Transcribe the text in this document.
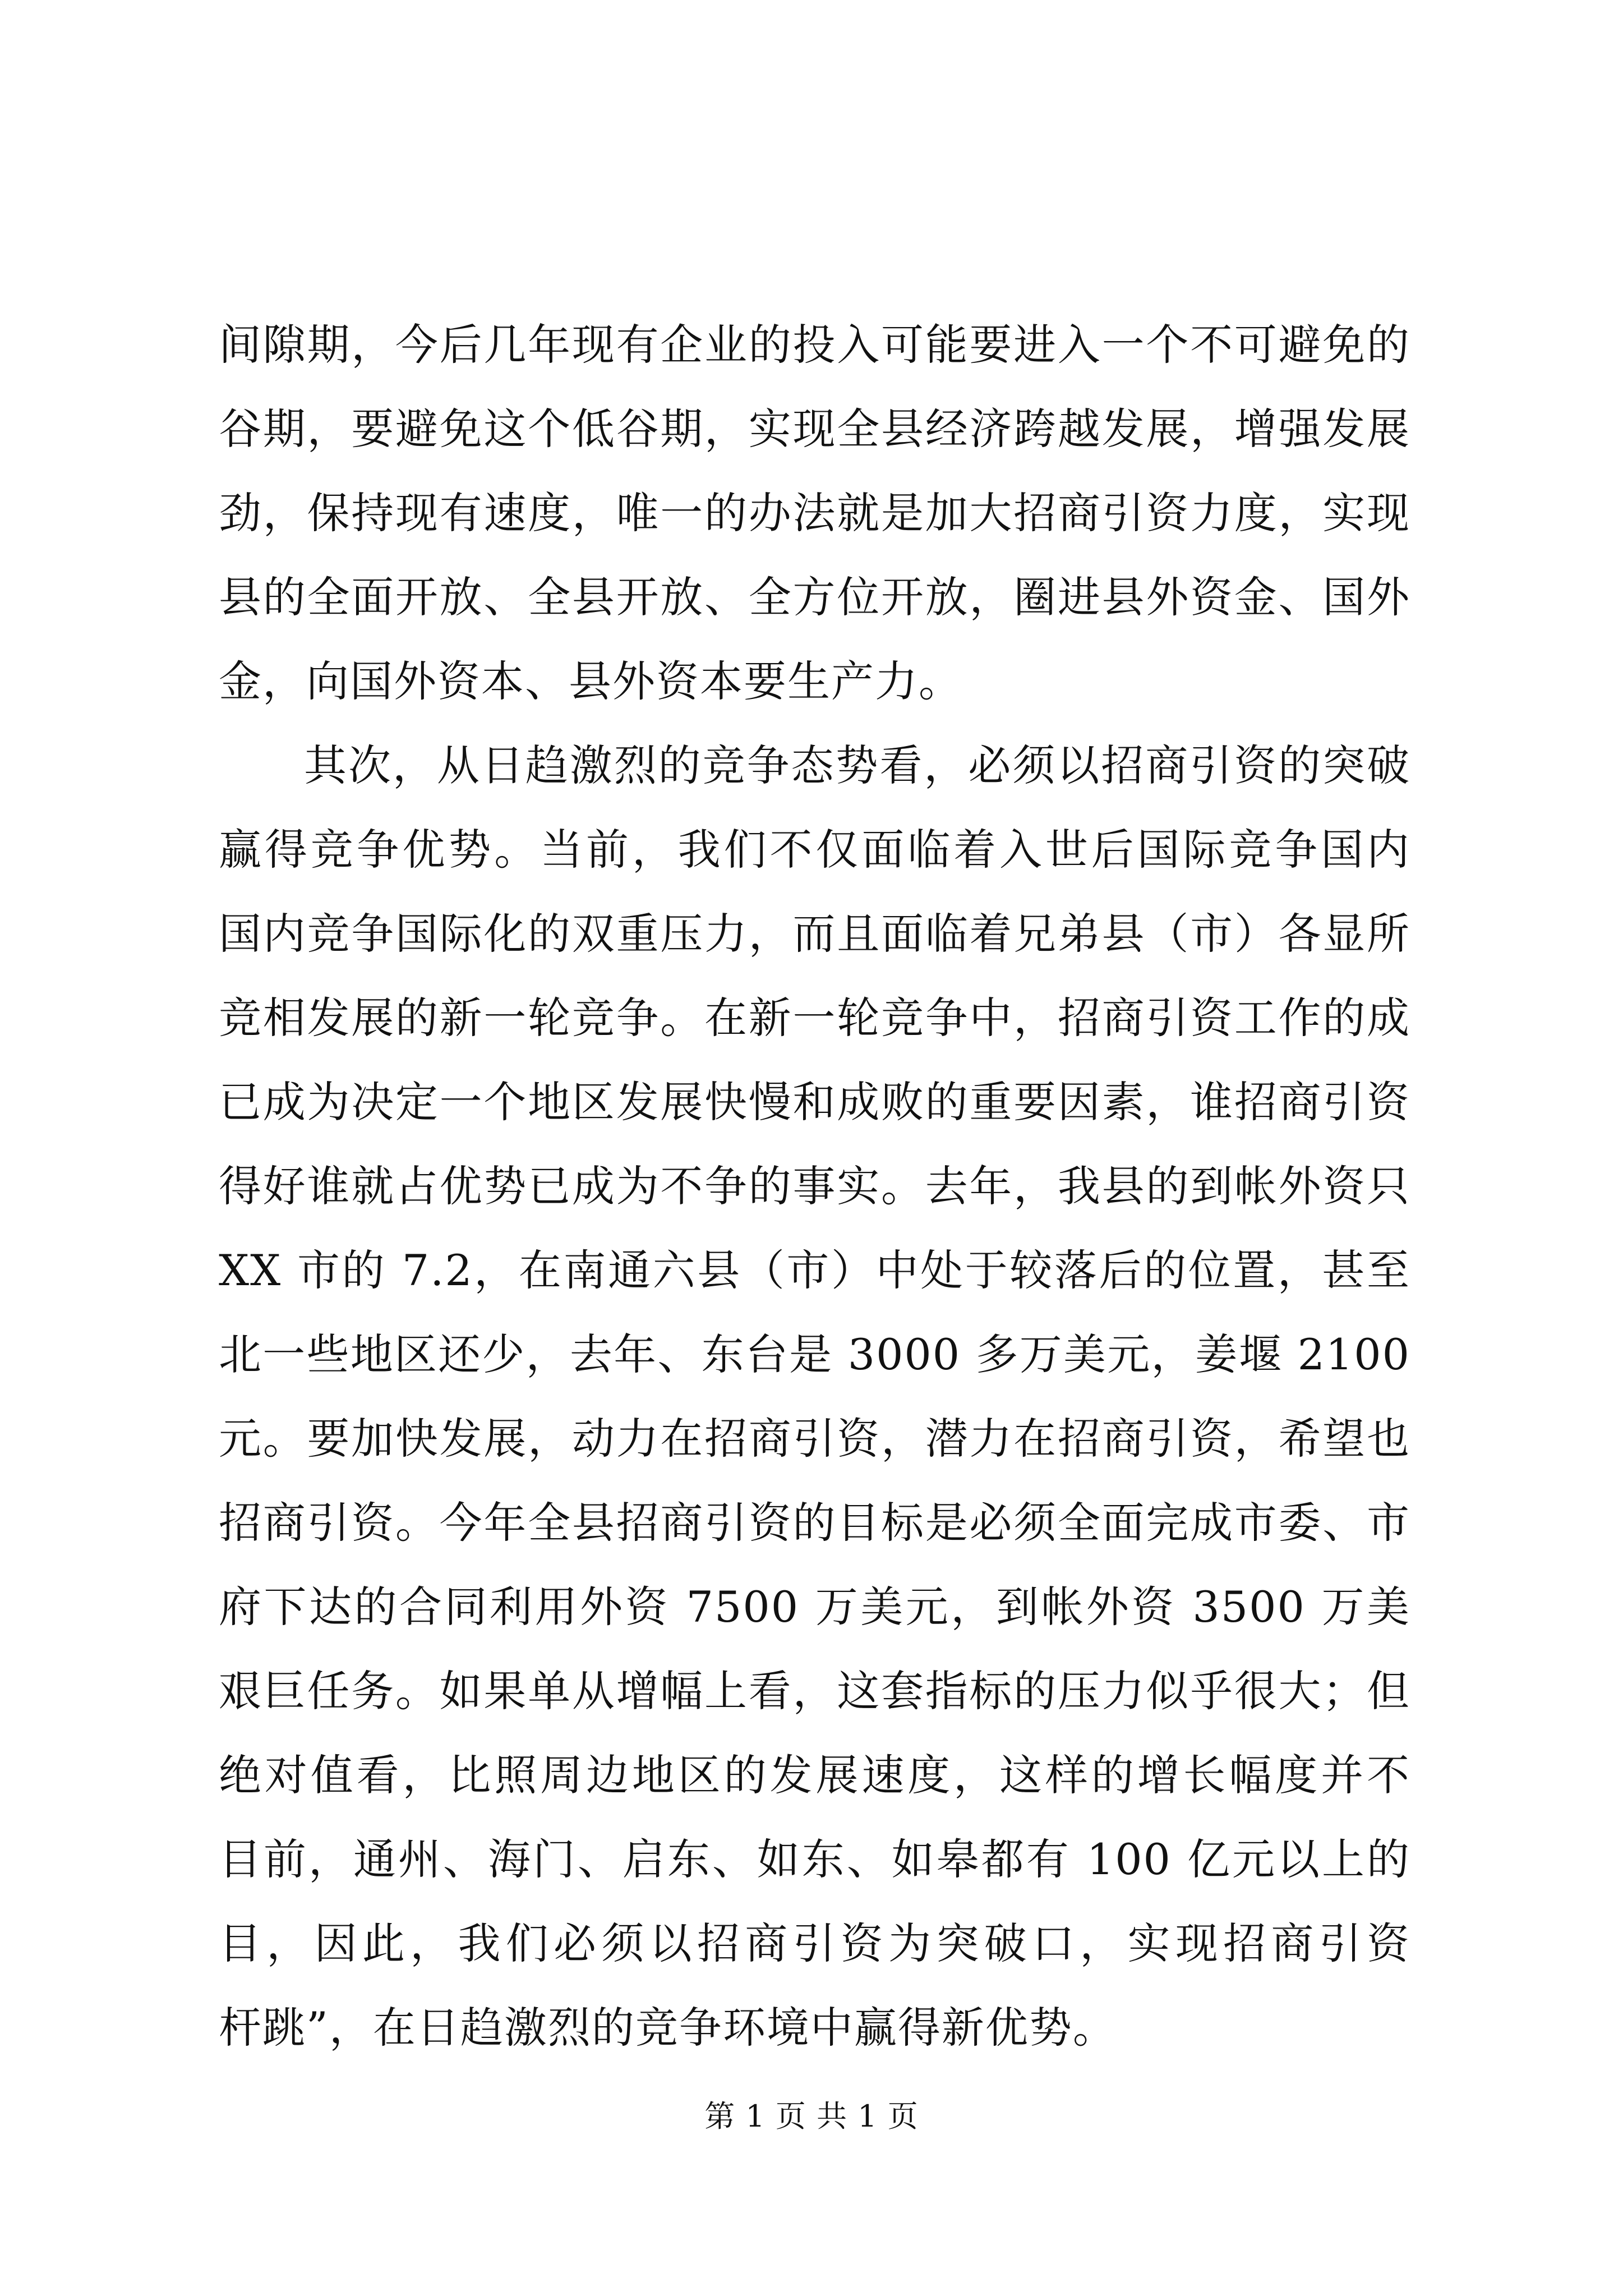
间隙期，今后几年现有企业的投入可能要进入一个不可避免的
谷期，要避免这个低谷期，实现全县经济跨越发展，增强发展
劲，保持现有速度，唯一的办法就是加大招商引资力度，实现
县的全面开放、全县开放、全方位开放，圈进县外资金、国外
金，向国外资本、县外资本要生产力。
其次，从日趋激烈的竞争态势看，必须以招商引资的突破
赢得竞争优势。当前，我们不仅面临着入世后国际竞争国内
国内竞争国际化的双重压力，而且面临着兄弟县（市）各显所
竞相发展的新一轮竞争。在新一轮竞争中，招商引资工作的成
已成为决定一个地区发展快慢和成败的重要因素，谁招商引资
得好谁就占优势已成为不争的事实。去年，我县的到帐外资只
XX 市的 7.2，在南通六县（市）中处于较落后的位置，甚至
北一些地区还少，去年、东台是 3000 多万美元，姜堰 2100
元。要加快发展，动力在招商引资，潜力在招商引资，希望也
招商引资。今年全县招商引资的目标是必须全面完成市委、市
府下达的合同利用外资 7500 万美元，到帐外资 3500 万美
艰巨任务。如果单从增幅上看，这套指标的压力似乎很大；但
绝对值看，比照周边地区的发展速度，这样的增长幅度并不
目前，通州、海门、启东、如东、如皋都有 100 亿元以上的
目，因此，我们必须以招商引资为突破口，实现招商引资
杆跳”，在日趋激烈的竞争环境中赢得新优势。
第 1 页 共 1 页
